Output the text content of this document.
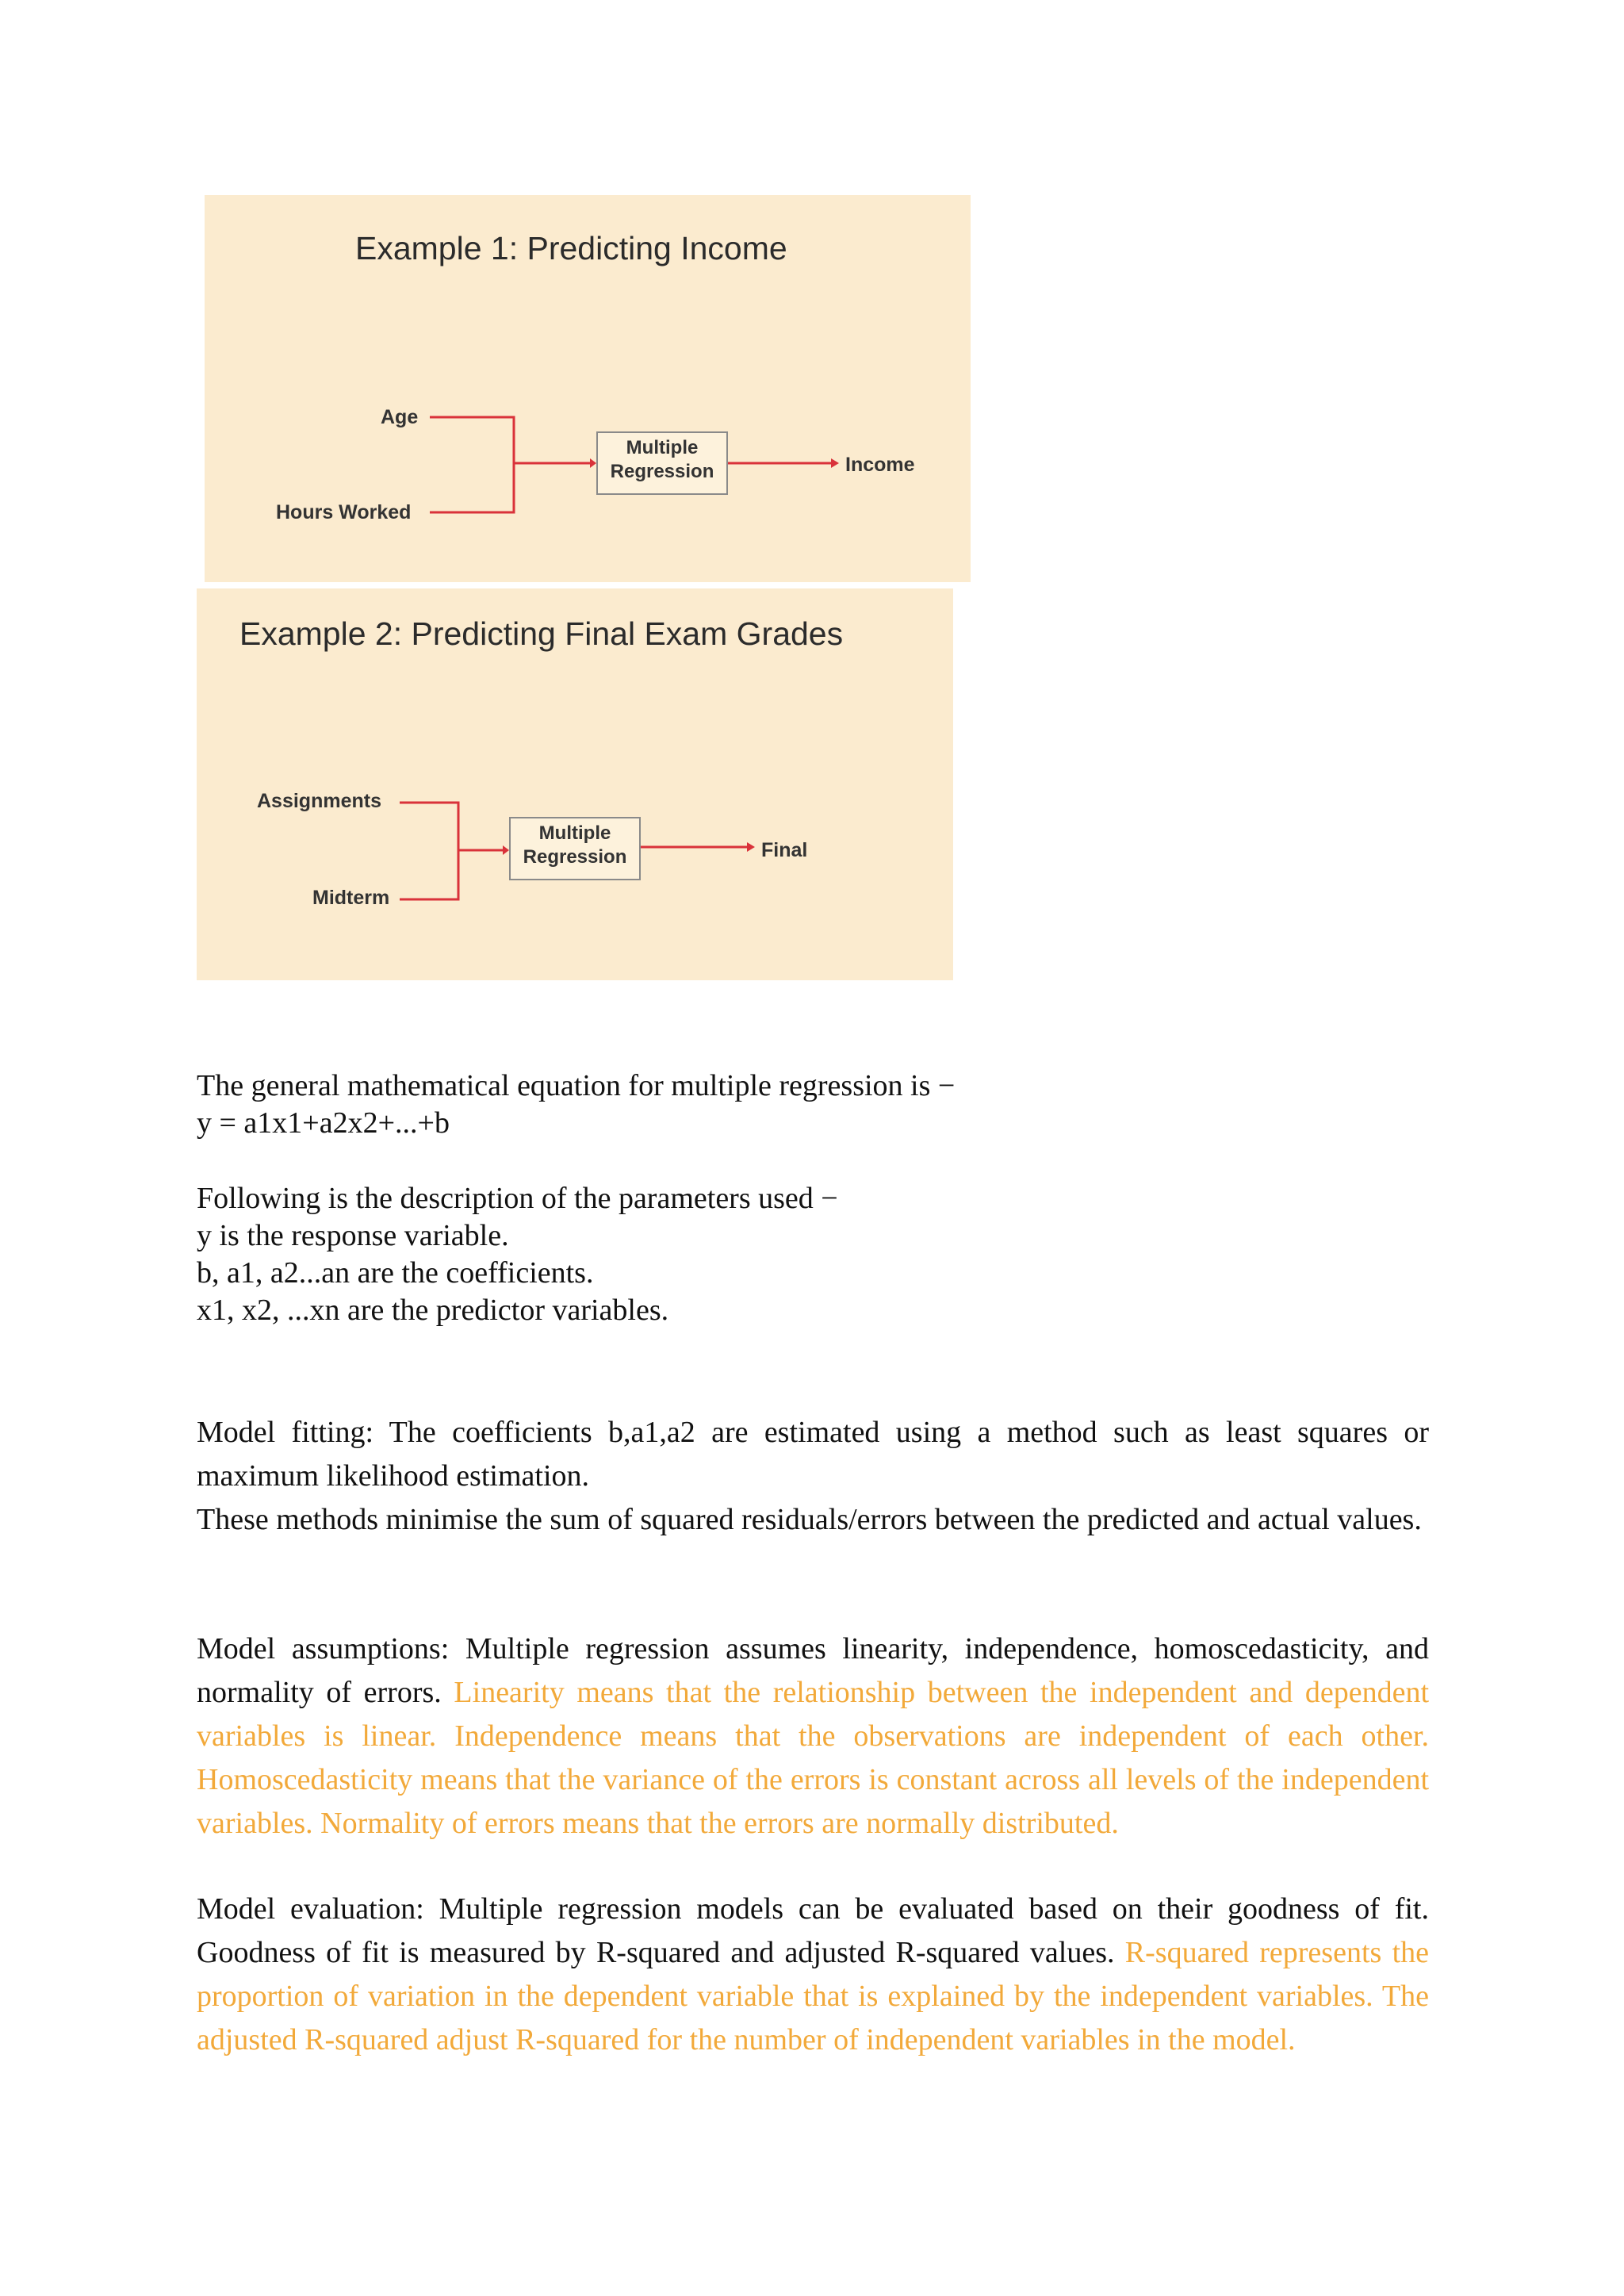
Example 1: Predicting Income
Age
Hours Worked
Multiple
Regression	Income
Example 2: Predicting Final Exam Grades
Assignments
Midterm
Multiple
Regression	Final
The general mathematical equation for multiple regression is −
y = a1x1+a2x2+...+b
Following is the description of the parameters used −
y is the response variable.
b, a1, a2...an are the coefficients.
x1, x2, ...xn are the predictor variables.
Model fitting: The coefficients b,a1,a2 are estimated using a method such as least squares or maximum likelihood estimation.
These methods minimise the sum of squared residuals/errors between the predicted and actual values.

Model assumptions: Multiple regression assumes linearity, independence, homoscedasticity, and normality of errors. Linearity means that the relationship between the independent and dependent variables is linear. Independence means that the observations are independent of each other. Homoscedasticity means that the variance of the errors is constant across all levels of the independent variables. Normality of errors means that the errors are normally distributed.

Model evaluation: Multiple regression models can be evaluated based on their goodness of fit. Goodness of fit is measured by R-squared and adjusted R-squared values. R-squared represents the proportion of variation in the dependent variable that is explained by the independent variables. The adjusted R-squared adjust R-squared for the number of independent variables in the model.
